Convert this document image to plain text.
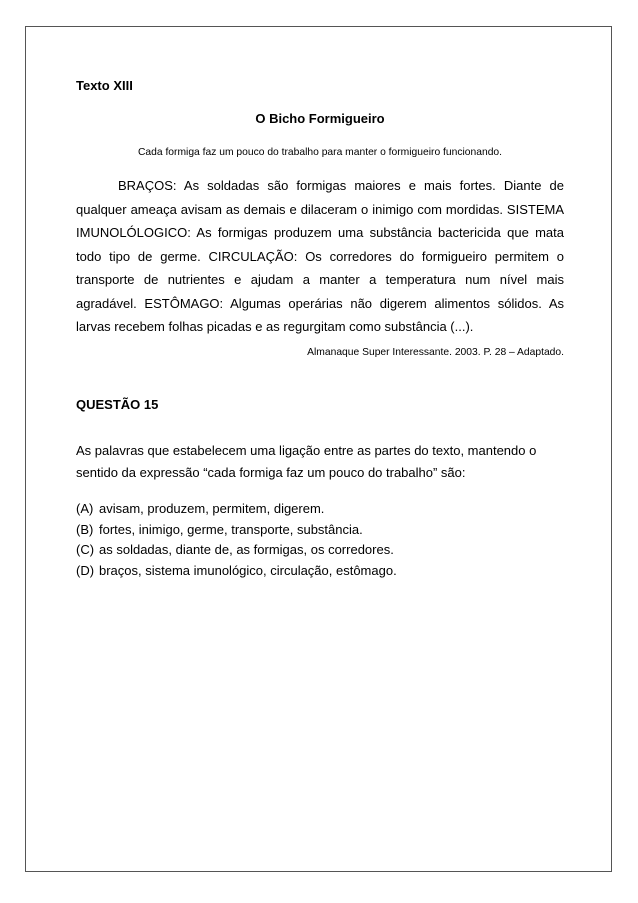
Texto XIII
O Bicho Formigueiro
Cada formiga faz um pouco do trabalho para manter o formigueiro funcionando.
BRAÇOS: As soldadas são formigas maiores e mais fortes. Diante de qualquer ameaça avisam as demais e dilaceram o inimigo com mordidas. SISTEMA IMUNOLÓLOGICO: As formigas produzem uma substância bactericida que mata todo tipo de germe. CIRCULAÇÃO: Os corredores do formigueiro permitem o transporte de nutrientes e ajudam a manter a temperatura num nível mais agradável. ESTÔMAGO: Algumas operárias não digerem alimentos sólidos. As larvas recebem folhas picadas e as regurgitam como substância (...).
Almanaque Super Interessante. 2003. P. 28 – Adaptado.
QUESTÃO 15
As palavras que estabelecem uma ligação entre as partes do texto, mantendo o sentido da expressão “cada formiga faz um pouco do trabalho” são:
(A) avisam, produzem, permitem, digerem.
(B) fortes, inimigo, germe, transporte, substância.
(C) as soldadas, diante de, as formigas, os corredores.
(D) braços, sistema imunológico, circulação, estômago.
